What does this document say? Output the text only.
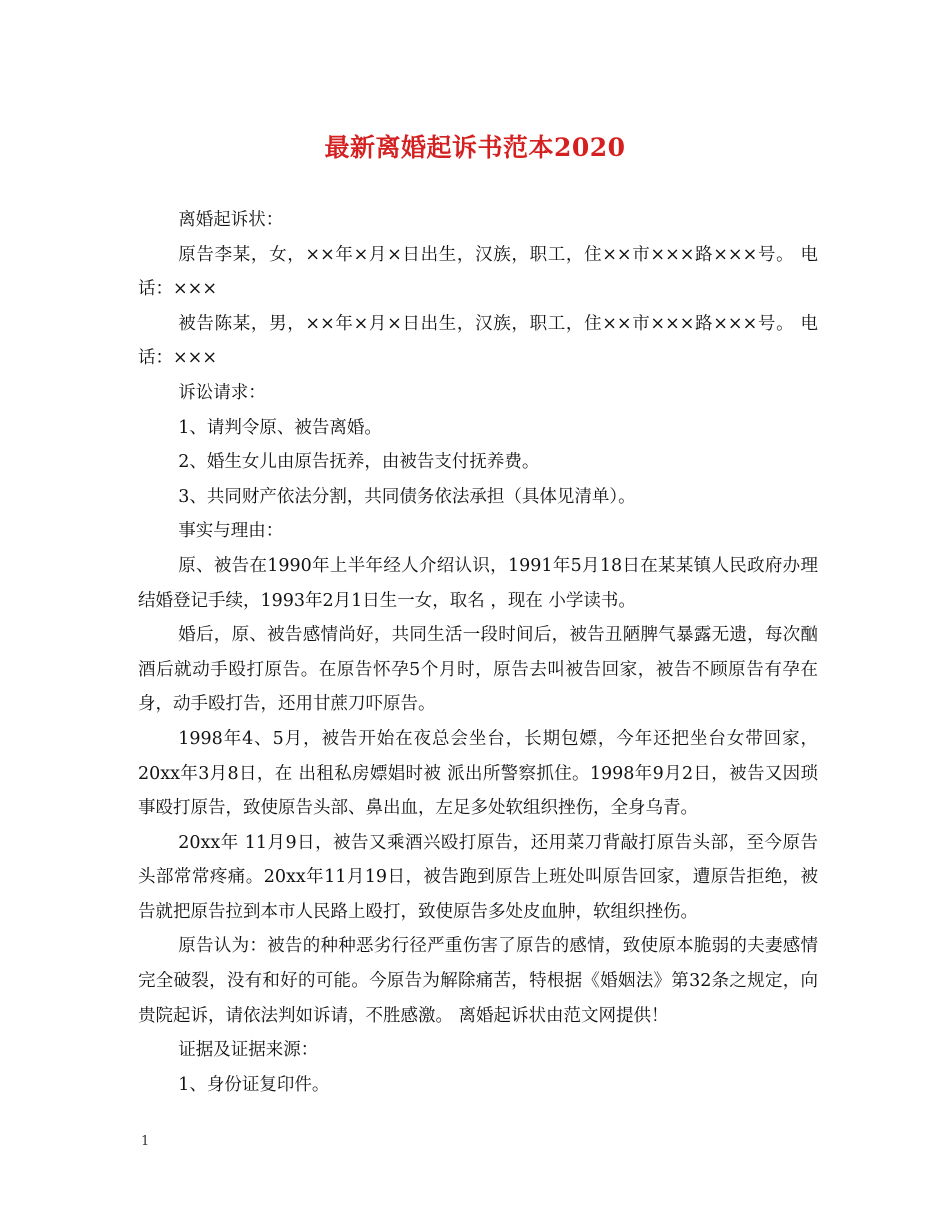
最新离婚起诉书范本2020

离婚起诉状：

原告李某，女，××年×月×日出生，汉族，职工，住××市×××路×××号。 电话：×××

被告陈某，男，××年×月×日出生，汉族，职工，住××市×××路×××号。 电话：×××

诉讼请求：

1、请判令原、被告离婚。

2、婚生女儿由原告抚养，由被告支付抚养费。

3、共同财产依法分割，共同债务依法承担（具体见清单）。

事实与理由：

原、被告在1990年上半年经人介绍认识，1991年5月18日在某某镇人民政府办理结婚登记手续，1993年2月1日生一女，取名 ，现在 小学读书。

婚后，原、被告感情尚好，共同生活一段时间后，被告丑陋脾气暴露无遗，每次酗酒后就动手殴打原告。在原告怀孕5个月时，原告去叫被告回家，被告不顾原告有孕在身，动手殴打告，还用甘蔗刀吓原告。

1998年4、5月，被告开始在夜总会坐台，长期包嫖，今年还把坐台女带回家，20xx年3月8日，在 出租私房嫖娼时被 派出所警察抓住。1998年9月2日，被告又因琐事殴打原告，致使原告头部、鼻出血，左足多处软组织挫伤，全身乌青。

20xx年 11月9日，被告又乘酒兴殴打原告，还用菜刀背敲打原告头部，至今原告头部常常疼痛。20xx年11月19日，被告跑到原告上班处叫原告回家，遭原告拒绝，被告就把原告拉到本市人民路上殴打，致使原告多处皮血肿，软组织挫伤。

原告认为：被告的种种恶劣行径严重伤害了原告的感情，致使原本脆弱的夫妻感情完全破裂，没有和好的可能。今原告为解除痛苦，特根据《婚姻法》第32条之规定，向贵院起诉，请依法判如诉请，不胜感激。 离婚起诉状由范文网提供！

证据及证据来源：

1、身份证复印件。

1
